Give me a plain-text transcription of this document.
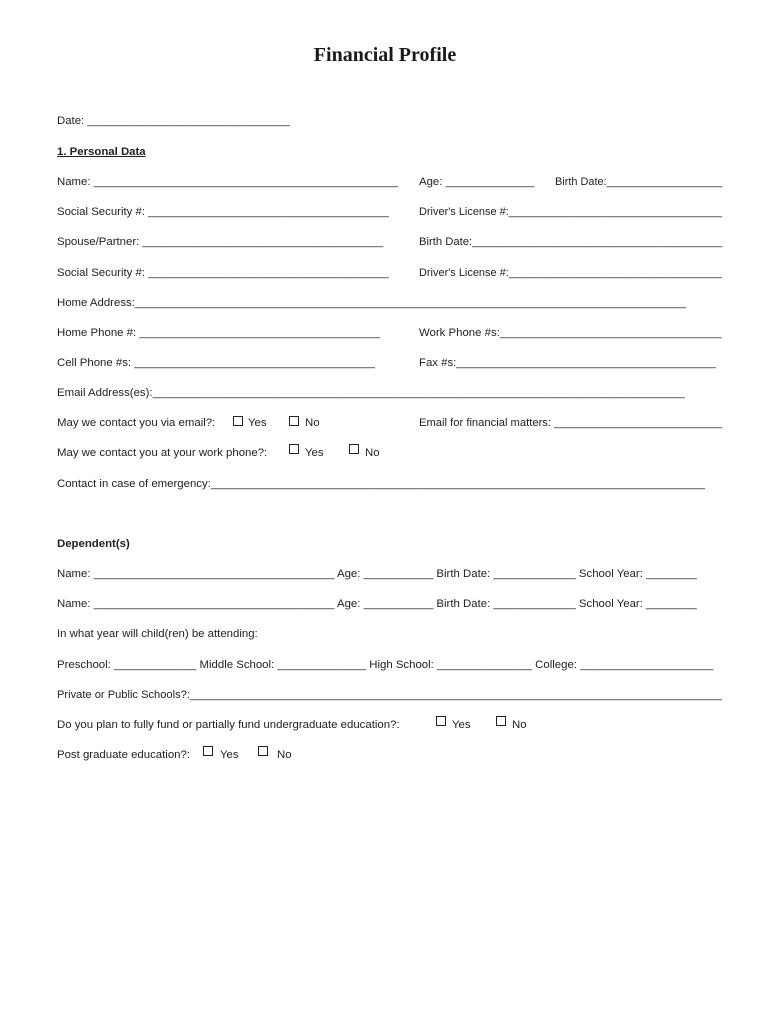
Financial Profile
Date: ________________________________
1. Personal Data
Name: ________________________________________________ Age: ______________ Birth Date:___________________
Social Security #: ______________________________________	Driver's License #:___________________________________
Spouse/Partner: ______________________________________	Birth Date:________________________________________
Social Security #: ______________________________________	Driver's License #:___________________________________
Home Address:_______________________________________________________________________________________
Home Phone #: ______________________________________	Work Phone #s:___________________________________
Cell Phone #s: ______________________________________	Fax #s:_________________________________________
Email Address(es):____________________________________________________________________________________
May we contact you via email?:	Yes	No	Email for financial matters: ___________________________
May we contact you at your work phone?:	Yes	No
Contact in case of emergency:______________________________________________________________________________
Dependent(s)
Name: ______________________________________ Age: ___________ Birth Date: _____________ School Year: ________
Name: ______________________________________ Age: ___________ Birth Date: _____________ School Year: ________
In what year will child(ren) be attending:
Preschool: _____________ Middle School: ______________ High School: _______________ College: _____________________
Private or Public Schools?:______________________________________________________________________________________
Do you plan to fully fund or partially fund undergraduate education?:	Yes	No
Post graduate education?:	Yes	No
